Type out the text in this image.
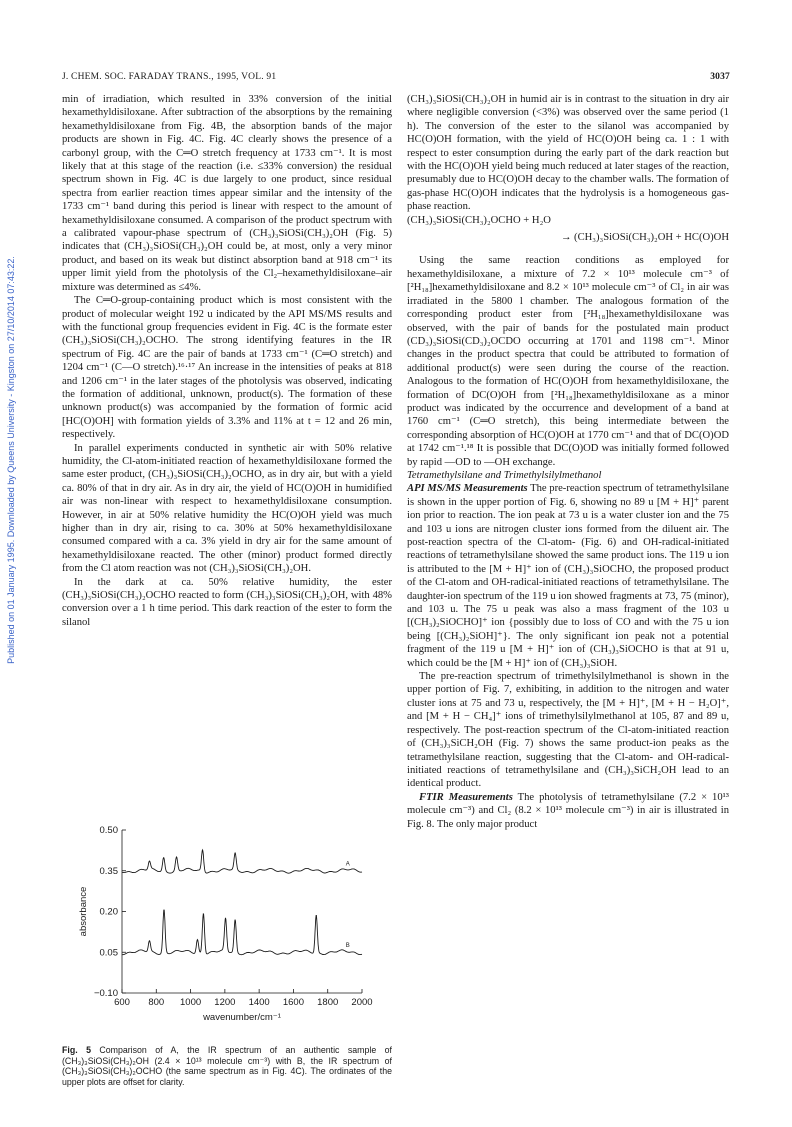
J. CHEM. SOC. FARADAY TRANS., 1995, VOL. 91	3037
Published on 01 January 1995. Downloaded by Queens University - Kingston on 27/10/2014 07:43:22.

min of irradiation, which resulted in 33% conversion of the initial hexamethyldisiloxane. After subtraction of the absorptions by the remaining hexamethyldisiloxane from Fig. 4B, the absorption bands of the major products are shown in Fig. 4C. Fig. 4C clearly shows the presence of a carbonyl group, with the C═O stretch frequency at 1733 cm⁻¹. It is most likely that at this stage of the reaction (i.e. ≤33% conversion) the residual spectrum shown in Fig. 4C is due largely to one product, since residual spectra from earlier reaction times appear similar and the intensity of the 1733 cm⁻¹ band during this period is linear with respect to the amount of hexamethyldisiloxane consumed. A comparison of the product spectrum with a calibrated vapour-phase spectrum of (CH₃)₃SiOSi(CH₃)₂OH (Fig. 5) indicates that (CH₃)₃SiOSi(CH₃)₂OH could be, at most, only a very minor product, and based on its weak but distinct absorption band at 918 cm⁻¹ its upper limit yield from the photolysis of the Cl₂–hexamethyldisiloxane–air mixture was determined as ≤4%.

The C═O-group-containing product which is most consistent with the product of molecular weight 192 u indicated by the API MS/MS results and with the functional group frequencies evident in Fig. 4C is the formate ester (CH₃)₃SiOSi(CH₃)₂OCHO. The strong identifying features in the IR spectrum of Fig. 4C are the pair of bands at 1733 cm⁻¹ (C═O stretch) and 1204 cm⁻¹ (C—O stretch).¹⁶·¹⁷ An increase in the intensities of peaks at 818 and 1206 cm⁻¹ in the later stages of the photolysis was observed, indicating the formation of additional, unknown, product(s). The formation of these unknown product(s) was accompanied by the formation of formic acid [HC(O)OH] with formation yields of 3.3% and 11% at t = 12 and 26 min, respectively.

In parallel experiments conducted in synthetic air with 50% relative humidity, the Cl-atom-initiated reaction of hexamethyldisiloxane formed the same ester product, (CH₃)₃SiOSi(CH₃)₂OCHO, as in dry air, but with a yield ca. 80% of that in dry air. As in dry air, the yield of HC(O)OH in humidified air was non-linear with respect to hexamethyldisiloxane consumption. However, in air at 50% relative humidity the HC(O)OH yield was much higher than in dry air, rising to ca. 30% at 50% hexamethyldisiloxane consumed compared with a ca. 3% yield in dry air for the same amount of hexamethyldisiloxane reacted. The other (minor) product formed directly from the Cl atom reaction was not (CH₃)₃SiOSi(CH₃)₂OH.

In the dark at ca. 50% relative humidity, the ester (CH₃)₃SiOSi(CH₃)₂OCHO reacted to form (CH₃)₃SiOSi(CH₃)₂OH, with 48% conversion over a 1 h time period. This dark reaction of the ester to form the silanol

−0.10
0.05
0.20
0.35
0.50
600 800 1000 1200 1400 1600 1800 2000
wavenumber/cm⁻¹
absorbance
A
B
Fig. 5 Comparison of A, the IR spectrum of an authentic sample of (CH₃)₃SiOSi(CH₃)₂OH (2.4 × 10¹³ molecule cm⁻³) with B, the IR spectrum of (CH₃)₃SiOSi(CH₃)₂OCHO (the same spectrum as in Fig. 4C). The ordinates of the upper plots are offset for clarity.

(CH₃)₃SiOSi(CH₃)₂OH in humid air is in contrast to the situation in dry air where negligible conversion (<3%) was observed over the same period (1 h). The conversion of the ester to the silanol was accompanied by HC(O)OH formation, with the yield of HC(O)OH being ca. 1 : 1 with respect to ester consumption during the early part of the dark reaction but with the HC(O)OH yield being much reduced at later stages of the reaction, presumably due to HC(O)OH decay to the chamber walls. The formation of gas-phase HC(O)OH indicates that the hydrolysis is a homogeneous gas-phase reaction.

(CH₃)₃SiOSi(CH₃)₂OCHO + H₂O

→ (CH₃)₃SiOSi(CH₃)₂OH + HC(O)OH

Using the same reaction conditions as employed for hexamethyldisiloxane, a mixture of 7.2 × 10¹³ molecule cm⁻³ of [²H₁₈]hexamethyldisiloxane and 8.2 × 10¹³ molecule cm⁻³ of Cl₂ in air was irradiated in the 5800 l chamber. The analogous formation of the corresponding product ester from [²H₁₈]hexamethyldisiloxane was observed, with the pair of bands for the postulated main product (CD₃)₃SiOSi(CD₃)₂OCDO occurring at 1701 and 1198 cm⁻¹. Minor changes in the product spectra that could be attributed to formation of additional product(s) were seen during the course of the reaction. Analogous to the formation of HC(O)OH from hexamethyldisiloxane, the formation of DC(O)OH from [²H₁₈]hexamethyldisiloxane as a minor product was indicated by the occurrence and development of a band at 1760 cm⁻¹ (C═O stretch), this being intermediate between the corresponding absorption of HC(O)OH at 1770 cm⁻¹ and that of DC(O)OD at 1742 cm⁻¹.¹⁸ It is possible that DC(O)OD was initially formed followed by rapid —OD to —OH exchange.

Tetramethylsilane and Trimethylsilylmethanol

API MS/MS Measurements The pre-reaction spectrum of tetramethylsilane is shown in the upper portion of Fig. 6, showing no 89 u [M + H]⁺ parent ion prior to reaction. The ion peak at 73 u is a water cluster ion and the 75 and 103 u ions are nitrogen cluster ions formed from the diluent air. The post-reaction spectra of the Cl-atom- (Fig. 6) and OH-radical-initiated reactions of tetramethylsilane showed the same product ions. The 119 u ion is attributed to the [M + H]⁺ ion of (CH₃)₃SiOCHO, the proposed product of the Cl-atom and OH-radical-initiated reactions of tetramethylsilane. The daughter-ion spectrum of the 119 u ion showed fragments at 73, 75 (minor), and 103 u. The 75 u peak was also a mass fragment of the 103 u [(CH₃)₂SiOCHO]⁺ ion {possibly due to loss of CO and with the 75 u ion being [(CH₃)₂SiOH]⁺}. The only significant ion peak not a potential fragment of the 119 u [M + H]⁺ ion of (CH₃)₃SiOCHO is that at 91 u, which could be the [M + H]⁺ ion of (CH₃)₃SiOH.

The pre-reaction spectrum of trimethylsilylmethanol is shown in the upper portion of Fig. 7, exhibiting, in addition to the nitrogen and water cluster ions at 75 and 73 u, respectively, the [M + H]⁺, [M + H − H₂O]⁺, and [M + H − CH₄]⁺ ions of trimethylsilylmethanol at 105, 87 and 89 u, respectively. The post-reaction spectrum of the Cl-atom-initiated reaction of (CH₃)₃SiCH₂OH (Fig. 7) shows the same product-ion peaks as the tetramethylsilane reaction, suggesting that the Cl-atom- and OH-radical-initiated reactions of tetramethylsilane and (CH₃)₃SiCH₂OH lead to an identical product.

FTIR Measurements The photolysis of tetramethylsilane (7.2 × 10¹³ molecule cm⁻³) and Cl₂ (8.2 × 10¹³ molecule cm⁻³) in air is illustrated in Fig. 8. The only major product
